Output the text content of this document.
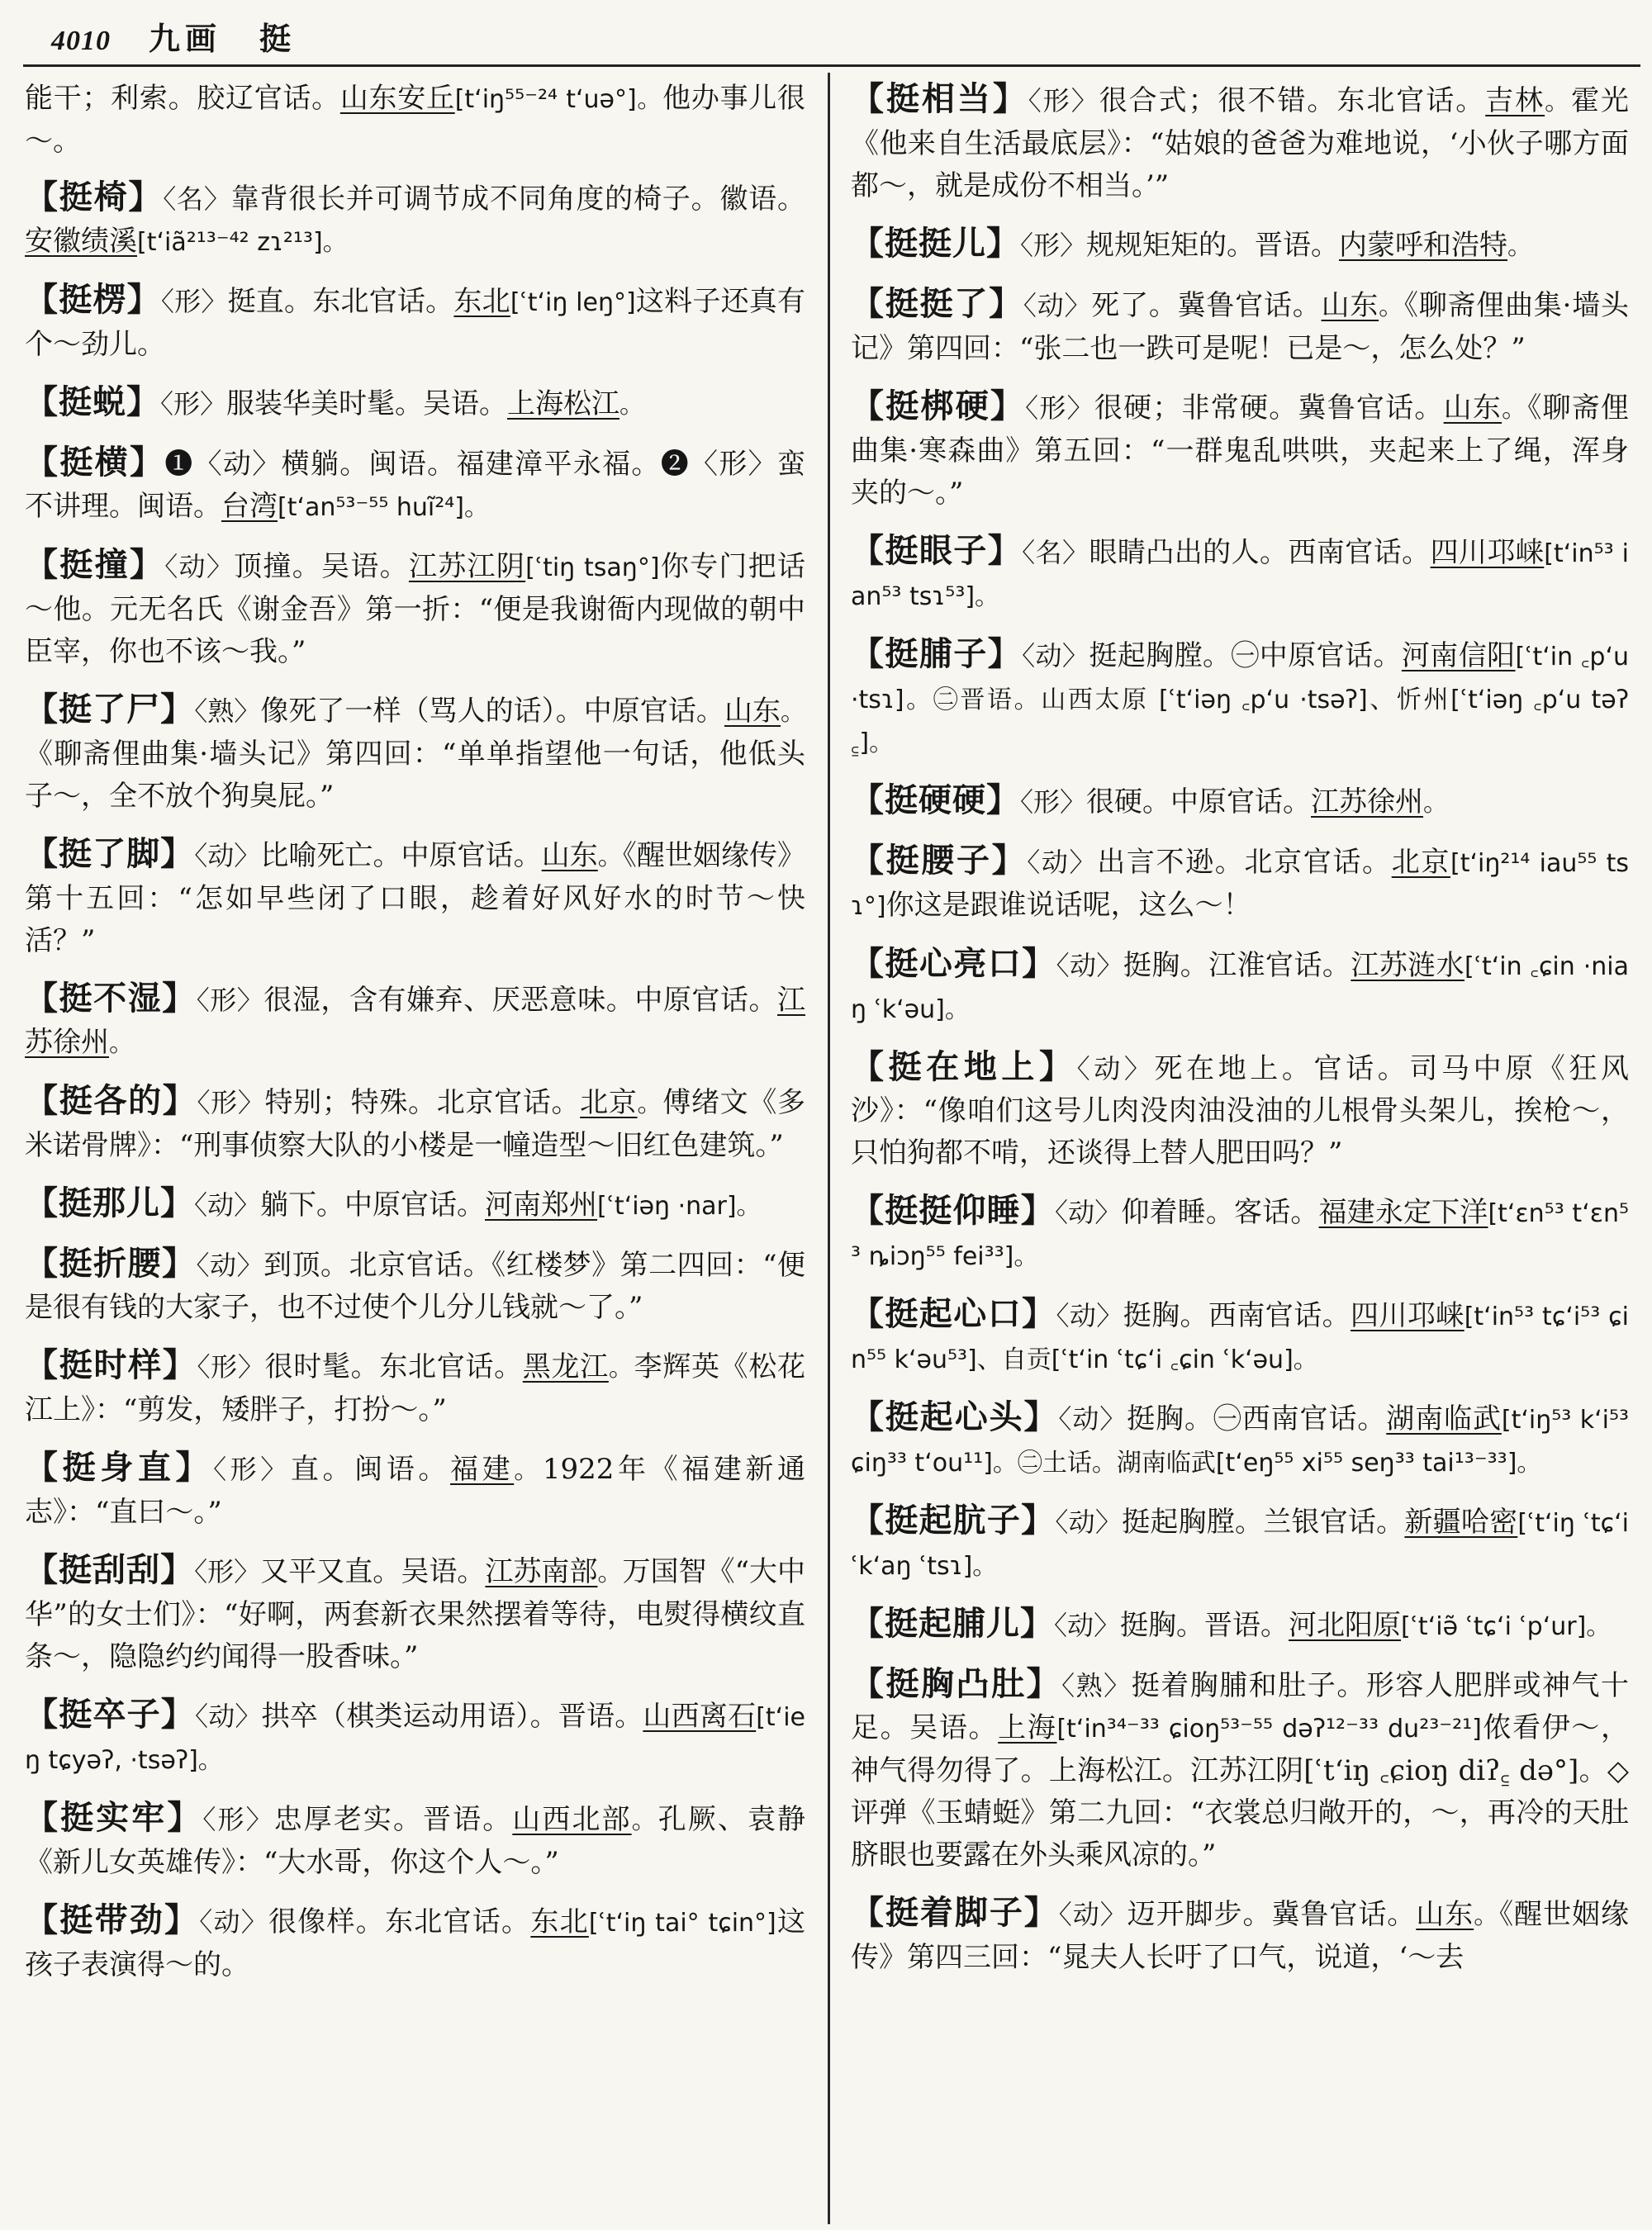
4010 九画 挺

能干；利索。胶辽官话。山东安丘[t‘iŋ⁵⁵⁻²⁴ t‘uə°]。他办事儿很～。

【挺椅】〈名〉靠背很长并可调节成不同角度的椅子。徽语。安徽绩溪[t‘iã²¹³⁻⁴² zɿ²¹³]。

【挺楞】〈形〉挺直。东北官话。东北[ʿt‘iŋ leŋ°]这料子还真有个～劲儿。

【挺蜕】〈形〉服装华美时髦。吴语。上海松江。

【挺横】❶〈动〉横躺。闽语。福建漳平永福。❷〈形〉蛮不讲理。闽语。台湾[t‘an⁵³⁻⁵⁵ huĩ²⁴]。

【挺撞】〈动〉顶撞。吴语。江苏江阴[ʿtiŋ tsaŋ°]你专门把话～他。元无名氏《谢金吾》第一折：“便是我谢衙内现做的朝中臣宰，你也不该～我。”

【挺了尸】〈熟〉像死了一样（骂人的话）。中原官话。山东。《聊斋俚曲集·墙头记》第四回：“单单指望他一句话，他低头子～，全不放个狗臭屁。”

【挺了脚】〈动〉比喻死亡。中原官话。山东。《醒世姻缘传》第十五回：“怎如早些闭了口眼，趁着好风好水的时节～快活？”

【挺不湿】〈形〉很湿，含有嫌弃、厌恶意味。中原官话。江苏徐州。

【挺各的】〈形〉特别；特殊。北京官话。北京。傅绪文《多米诺骨牌》：“刑事侦察大队的小楼是一幢造型～旧红色建筑。”

【挺那儿】〈动〉躺下。中原官话。河南郑州[ʿt‘iəŋ ·nar]。

【挺折腰】〈动〉到顶。北京官话。《红楼梦》第二四回：“便是很有钱的大家子，也不过使个儿分儿钱就～了。”

【挺时样】〈形〉很时髦。东北官话。黑龙江。李辉英《松花江上》：“剪发，矮胖子，打扮～。”

【挺身直】〈形〉直。闽语。福建。1922年《福建新通志》：“直曰～。”

【挺刮刮】〈形〉又平又直。吴语。江苏南部。万国智《“大中华”的女士们》：“好啊，两套新衣果然摆着等待，电熨得横纹直条～，隐隐约约闻得一股香味。”

【挺卒子】〈动〉拱卒（棋类运动用语）。晋语。山西离石[t‘ieŋ tɕyəʔ, ·tsəʔ]。

【挺实牢】〈形〉忠厚老实。晋语。山西北部。孔厥、袁静《新儿女英雄传》：“大水哥，你这个人～。”

【挺带劲】〈动〉很像样。东北官话。东北[ʿt‘iŋ tai° tɕin°]这孩子表演得～的。

【挺相当】〈形〉很合式；很不错。东北官话。吉林。霍光《他来自生活最底层》：“姑娘的爸爸为难地说，‘小伙子哪方面都～，就是成份不相当。’”

【挺挺儿】〈形〉规规矩矩的。晋语。内蒙呼和浩特。

【挺挺了】〈动〉死了。冀鲁官话。山东。《聊斋俚曲集·墙头记》第四回：“张二也一跌可是呢！已是～，怎么处？”

【挺梆硬】〈形〉很硬；非常硬。冀鲁官话。山东。《聊斋俚曲集·寒森曲》第五回：“一群鬼乱哄哄，夹起来上了绳，浑身夹的～。”

【挺眼子】〈名〉眼睛凸出的人。西南官话。四川邛崃[t‘in⁵³ ian⁵³ tsɿ⁵³]。

【挺脯子】〈动〉挺起胸膛。㊀中原官话。河南信阳[ʿt‘in ꜀p‘u ·tsɿ]。㊁晋语。山西太原 [ʿt‘iəŋ ꜀p‘u ·tsəʔ]、忻州[ʿt‘iəŋ ꜀p‘u təʔ꜁]。

【挺硬硬】〈形〉很硬。中原官话。江苏徐州。

【挺腰子】〈动〉出言不逊。北京官话。北京[t‘iŋ²¹⁴ iau⁵⁵ tsɿ°]你这是跟谁说话呢，这么～！

【挺心亮口】〈动〉挺胸。江淮官话。江苏涟水[ʿt‘in ꜀ɕin ·niaŋ ʿk‘əu]。

【挺在地上】〈动〉死在地上。官话。司马中原《狂风沙》：“像咱们这号儿肉没肉油没油的儿根骨头架儿，挨枪～，只怕狗都不啃，还谈得上替人肥田吗？”

【挺挺仰睡】〈动〉仰着睡。客话。福建永定下洋[t‘ɛn⁵³ t‘ɛn⁵³ ȵiɔŋ⁵⁵ fei³³]。

【挺起心口】〈动〉挺胸。西南官话。四川邛崃[t‘in⁵³ tɕ‘i⁵³ ɕin⁵⁵ k‘əu⁵³]、自贡[ʿt‘in ʿtɕ‘i ꜀ɕin ʿk‘əu]。

【挺起心头】〈动〉挺胸。㊀西南官话。湖南临武[t‘iŋ⁵³ k‘i⁵³ ɕiŋ³³ t‘ou¹¹]。㊁土话。湖南临武[t‘eŋ⁵⁵ xi⁵⁵ seŋ³³ tai¹³⁻³³]。

【挺起肮子】〈动〉挺起胸膛。兰银官话。新疆哈密[ʿt‘iŋ ʿtɕ‘i ʿk‘aŋ ʿtsɿ]。

【挺起脯儿】〈动〉挺胸。晋语。河北阳原[ʿt‘iə̃ ʿtɕ‘i ʿp‘ur]。

【挺胸凸肚】〈熟〉挺着胸脯和肚子。形容人肥胖或神气十足。吴语。上海[t‘in³⁴⁻³³ ɕioŋ⁵³⁻⁵⁵ dəʔ¹²⁻³³ du²³⁻²¹]侬看伊～，神气得勿得了。上海松江。江苏江阴[ʿt‘iŋ ꜀ɕioŋ diʔ꜁ də°]。◇评弹《玉蜻蜓》第二九回：“衣裳总归敞开的，～，再冷的天肚脐眼也要露在外头乘风凉的。”

【挺着脚子】〈动〉迈开脚步。冀鲁官话。山东。《醒世姻缘传》第四三回：“晁夫人长吁了口气，说道，‘～去
